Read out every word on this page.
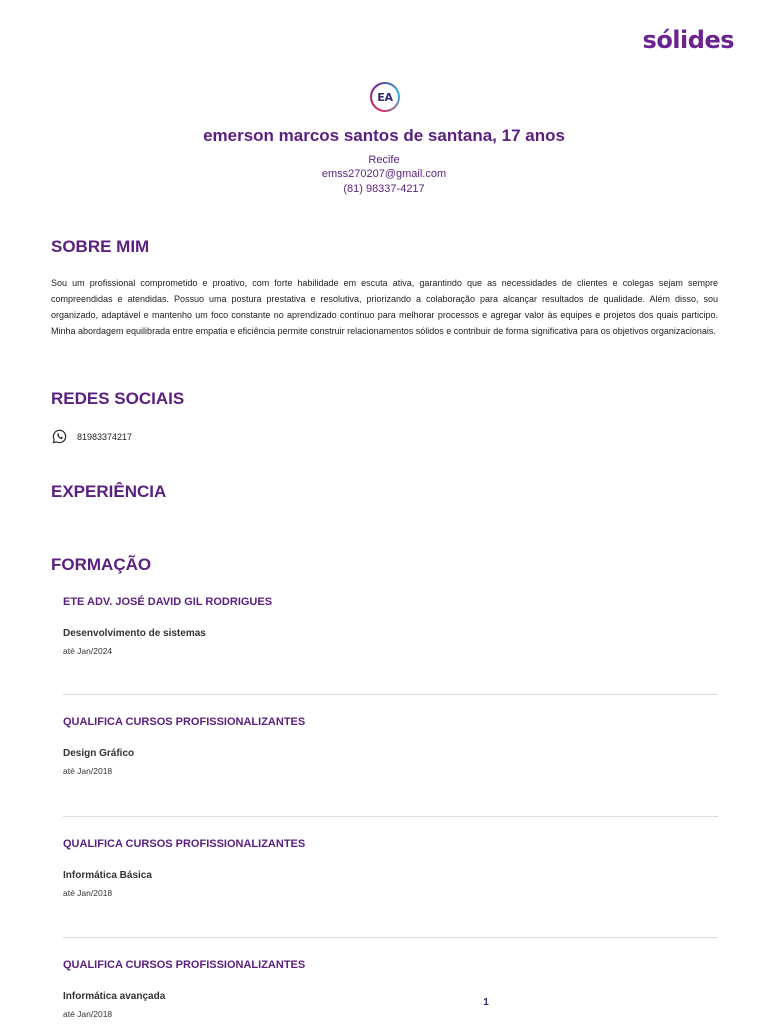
sólides
EA
emerson marcos santos de santana, 17 anos
Recife
emss270207@gmail.com
(81) 98337-4217
SOBRE MIM

Sou um profissional comprometido e proativo, com forte habilidade em escuta ativa, garantindo que as necessidades de clientes e colegas sejam sempre compreendidas e atendidas. Possuo uma postura prestativa e resolutiva, priorizando a colaboração para alcançar resultados de qualidade. Além disso, sou organizado, adaptável e mantenho um foco constante no aprendizado contínuo para melhorar processos e agregar valor às equipes e projetos dos quais participo. Minha abordagem equilibrada entre empatia e eficiência permite construir relacionamentos sólidos e contribuir de forma significativa para os objetivos organizacionais.

REDES SOCIAIS
81983374217
EXPERIÊNCIA
FORMAÇÃO
ETE ADV. JOSÉ DAVID GIL RODRIGUES
Desenvolvimento de sistemas
até Jan/2024
QUALIFICA CURSOS PROFISSIONALIZANTES
Design Gráfico
até Jan/2018
QUALIFICA CURSOS PROFISSIONALIZANTES
Informática Básica
até Jan/2018
QUALIFICA CURSOS PROFISSIONALIZANTES
Informática avançada
até Jan/2018
1
